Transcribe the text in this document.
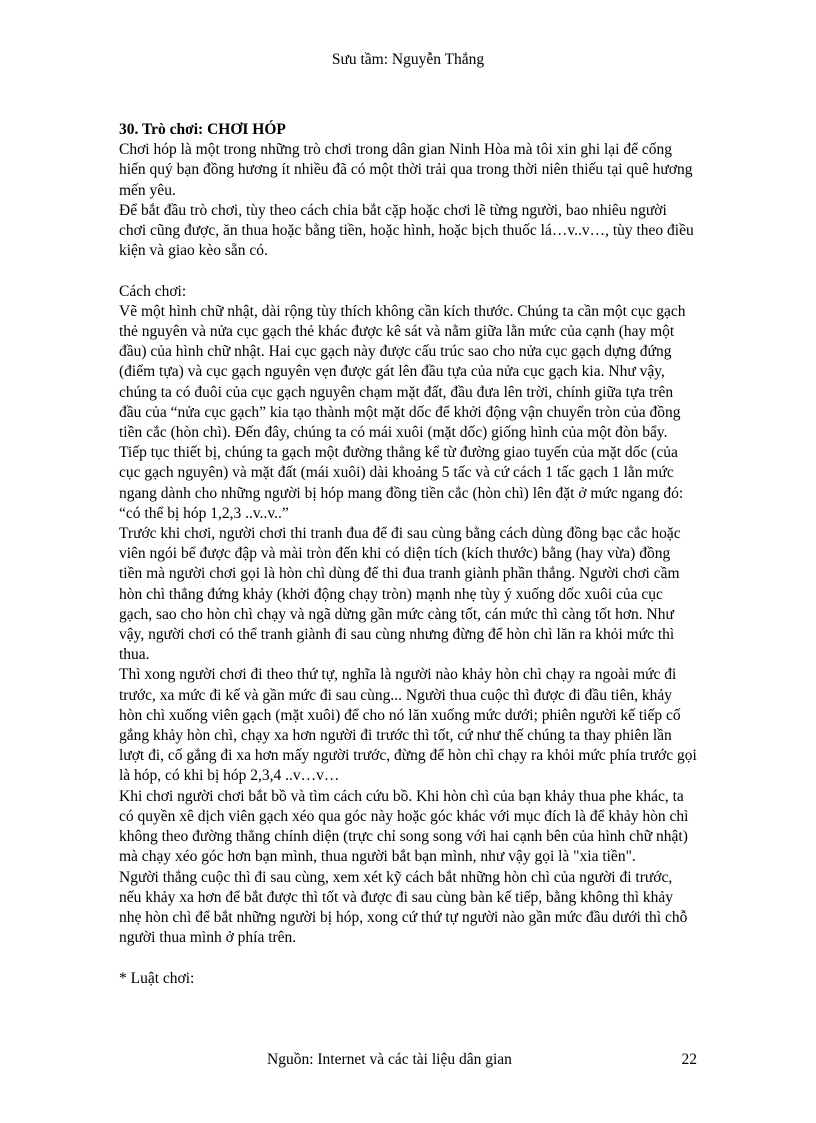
Sưu tầm: Nguyễn Thắng

30. Trò chơi: CHƠI HÓP

Chơi hóp là một trong những trò chơi trong dân gian Ninh Hòa mà tôi xin ghi lại để cống hiến quý bạn đồng hương ít nhiều đã có một thời trải qua trong thời niên thiếu tại quê hương mến yêu.

Để bắt đầu trò chơi, tùy theo cách chia bắt cặp hoặc chơi lẽ từng người, bao nhiêu người chơi cũng được, ăn thua hoặc bằng tiền, hoặc hình, hoặc bịch thuốc lá…v..v…, tùy theo điều kiện và giao kèo sẵn có.

Cách chơi:

Vẽ một hình chữ nhật, dài rộng tùy thích không cần kích thước. Chúng ta cần một cục gạch thẻ nguyên và nửa cục gạch thẻ khác được kê sát và nằm giữa lằn mức của cạnh (hay một đầu) của hình chữ nhật. Hai cục gạch này được cấu trúc sao cho nửa cục gạch dựng đứng (điểm tựa) và cục gạch nguyên vẹn được gát lên đầu tựa của nửa cục gạch kia. Như vậy, chúng ta có đuôi của cục gạch nguyên chạm mặt đất, đầu đưa lên trời, chính giữa tựa trên đầu của “nửa cục gạch” kia tạo thành một mặt dốc để khởi động vận chuyển tròn của đồng tiền cắc (hòn chì). Đến đây, chúng ta có mái xuôi (mặt dốc) giống hình của một đòn bẩy.

Tiếp tục thiết bị, chúng ta gạch một đường thẳng kể từ đường giao tuyến của mặt dốc (của cục gạch nguyên) và mặt đất (mái xuôi) dài khoảng 5 tấc và cứ cách 1 tấc gạch 1 lằn mức ngang dành cho những người bị hóp mang đồng tiền cắc (hòn chì) lên đặt ở mức ngang đó: “có thể bị hóp 1,2,3 ..v..v..”

Trước khi chơi, người chơi thi tranh đua để đi sau cùng bằng cách dùng đồng bạc cắc hoặc viên ngói bể được đập và mài tròn đến khi có diện tích (kích thước) bằng (hay vừa) đồng tiền mà người chơi gọi là hòn chì dùng để thi đua tranh giành phần thắng. Người chơi cầm hòn chì thẳng đứng khảy (khởi động chạy tròn) mạnh nhẹ tùy ý xuống dốc xuôi của cục gạch, sao cho hòn chì chạy và ngã dừng gần mức càng tốt, cán mức thì càng tốt hơn. Như vậy, người chơi có thể tranh giành đi sau cùng nhưng đừng để hòn chì lăn ra khỏi mức thì thua.

Thì xong người chơi đi theo thứ tự, nghĩa là người nào khảy hòn chì chạy ra ngoài mức đi trước, xa mức đi kế và gần mức đi sau cùng... Người thua cuộc thì được đi đầu tiên, khảy hòn chì xuống viên gạch (mặt xuôi) để cho nó lăn xuống mức dưới; phiên người kế tiếp cố gắng khảy hòn chì, chạy xa hơn người đi trước thì tốt, cứ như thế chúng ta thay phiên lần lượt đi, cố gắng đi xa hơn mấy người trước, đừng để hòn chì chạy ra khỏi mức phía trước gọi là hóp, có khi bị hóp 2,3,4 ..v…v…

Khi chơi người chơi bắt bồ và tìm cách cứu bồ. Khi hòn chì của bạn khảy thua phe khác, ta có quyền xê dịch viên gạch xéo qua góc này hoặc góc khác với mục đích là để khảy hòn chì không theo đường thẳng chính diện (trực chỉ song song với hai cạnh bên của hình chữ nhật) mà chạy xéo góc hơn bạn mình, thua người bắt bạn mình, như vậy gọi là "xia tiền".

Người thắng cuộc thì đi sau cùng, xem xét kỹ cách bắt những hòn chì của người đi trước, nếu khảy xa hơn để bắt được thì tốt và được đi sau cùng bàn kế tiếp, bằng không thì khảy nhẹ hòn chì để bắt những người bị hóp, xong cứ thứ tự người nào gần mức đầu dưới thì chỗ người thua mình ở phía trên.

* Luật chơi:

Nguồn: Internet và các tài liệu dân gian	22
